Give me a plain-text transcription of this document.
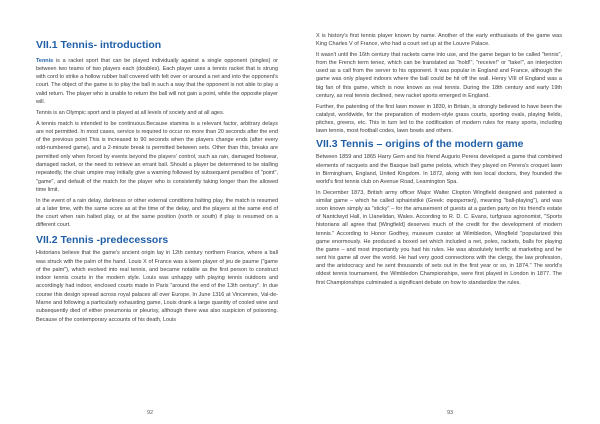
VII.1 Tennis- introduction

Tennis is a racket sport that can be played individually against a single opponent (singles) or between two teams of two players each (doubles). Each player uses a tennis racket that is strung with cord to strike a hollow rubber ball covered with felt over or around a net and into the opponent's court. The object of the game is to play the ball in such a way that the opponent is not able to play a valid return. The player who is unable to return the ball will not gain a point, while the opposite player will.

Tennis is an Olympic sport and is played at all levels of society and at all ages.

A tennis match is intended to be continuous.Because stamina is a relevant factor, arbitrary delays are not permitted. In most cases, service is required to occur no more than 20 seconds after the end of the previous point This is increased to 90 seconds when the players change ends (after every odd-numbered game), and a 2-minute break is permitted between sets. Other than this, breaks are permitted only when forced by events beyond the players' control, such as rain, damaged footwear, damaged racket, or the need to retrieve an errant ball. Should a player be determined to be stalling repeatedly, the chair umpire may initially give a warning followed by subsequent penalties of "point", "game", and default of the match for the player who is consistently taking longer than the allowed time limit.

In the event of a rain delay, darkness or other external conditions halting play, the match is resumed at a later time, with the same score as at the time of the delay, and the players at the same end of the court when rain halted play, or at the same position (north or south) if play is resumed on a different court.

VII.2 Tennis -predecessors

Historians believe that the game's ancient origin lay in 12th century northern France, where a ball was struck with the palm of the hand. Louis X of France was a keen player of jeu de paume ("game of the palm"), which evolved into real tennis, and became notable as the first person to construct indoor tennis courts in the modern style. Louis was unhappy with playing tennis outdoors and accordingly had indoor, enclosed courts made in Paris "around the end of the 13th century". In due course this design spread across royal palaces all over Europe. In June 1316 at Vincennes, Val-de-Marne and following a particularly exhausting game, Louis drank a large quantity of cooled wine and subsequently died of either pneumonia or pleurisy, although there was also suspicion of poisoning. Because of the contemporary accounts of his death, Louis

92

X is history's first tennis player known by name. Another of the early enthusiasts of the game was King Charles V of France, who had a court set up at the Louvre Palace.

It wasn't until the 16th century that rackets came into use, and the game began to be called "tennis", from the French term tenez, which can be translated as "hold!", "receive!" or "take!", an interjection used as a call from the server to his opponent. It was popular in England and France, although the game was only played indoors where the ball could be hit off the wall. Henry VIII of England was a big fan of this game, which is now known as real tennis. During the 18th century and early 19th century, as real tennis declined, new racket sports emerged in England.

Further, the patenting of the first lawn mower in 1830, in Britain, is strongly believed to have been the catalyst, worldwide, for the preparation of modern-style grass courts, sporting ovals, playing fields, pitches, greens, etc. This in turn led to the codification of modern rules for many sports, including lawn tennis, most football codes, lawn bowls and others.

VII.3 Tennis – origins of the modern game

Between 1859 and 1865 Harry Gem and his friend Augurio Perera developed a game that combined elements of racquets and the Basque ball game pelota, which they played on Perera's croquet lawn in Birmingham, England, United Kingdom. In 1872, along with two local doctors, they founded the world's first tennis club on Avenue Road, Leamington Spa.

In December 1873, British army officer Major Walter Clopton Wingfield designed and patented a similar game – which he called sphairistikè (Greek: σφαιριστική), meaning "ball-playing"), and was soon known simply as "sticky" – for the amusement of guests at a garden party on his friend's estate of Nantclwyd Hall, in Llanelidan, Wales. According to R. D. C. Evans, turfgrass agronomist, "Sports historians all agree that [Wingfield] deserves much of the credit for the development of modern tennis." According to Honor Godfrey, museum curator at Wimbledon, Wingfield "popularized this game enormously. He produced a boxed set which included a net, poles, rackets, balls for playing the game – and most importantly you had his rules. He was absolutely terrific at marketing and he sent his game all over the world. He had very good connections with the clergy, the law profession, and the aristocracy and he sent thousands of sets out in the first year or so, in 1874." The world's oldest tennis tournament, the Wimbledon Championships, were first played in London in 1877. The first Championships culminated a significant debate on how to standardize the rules.

93
